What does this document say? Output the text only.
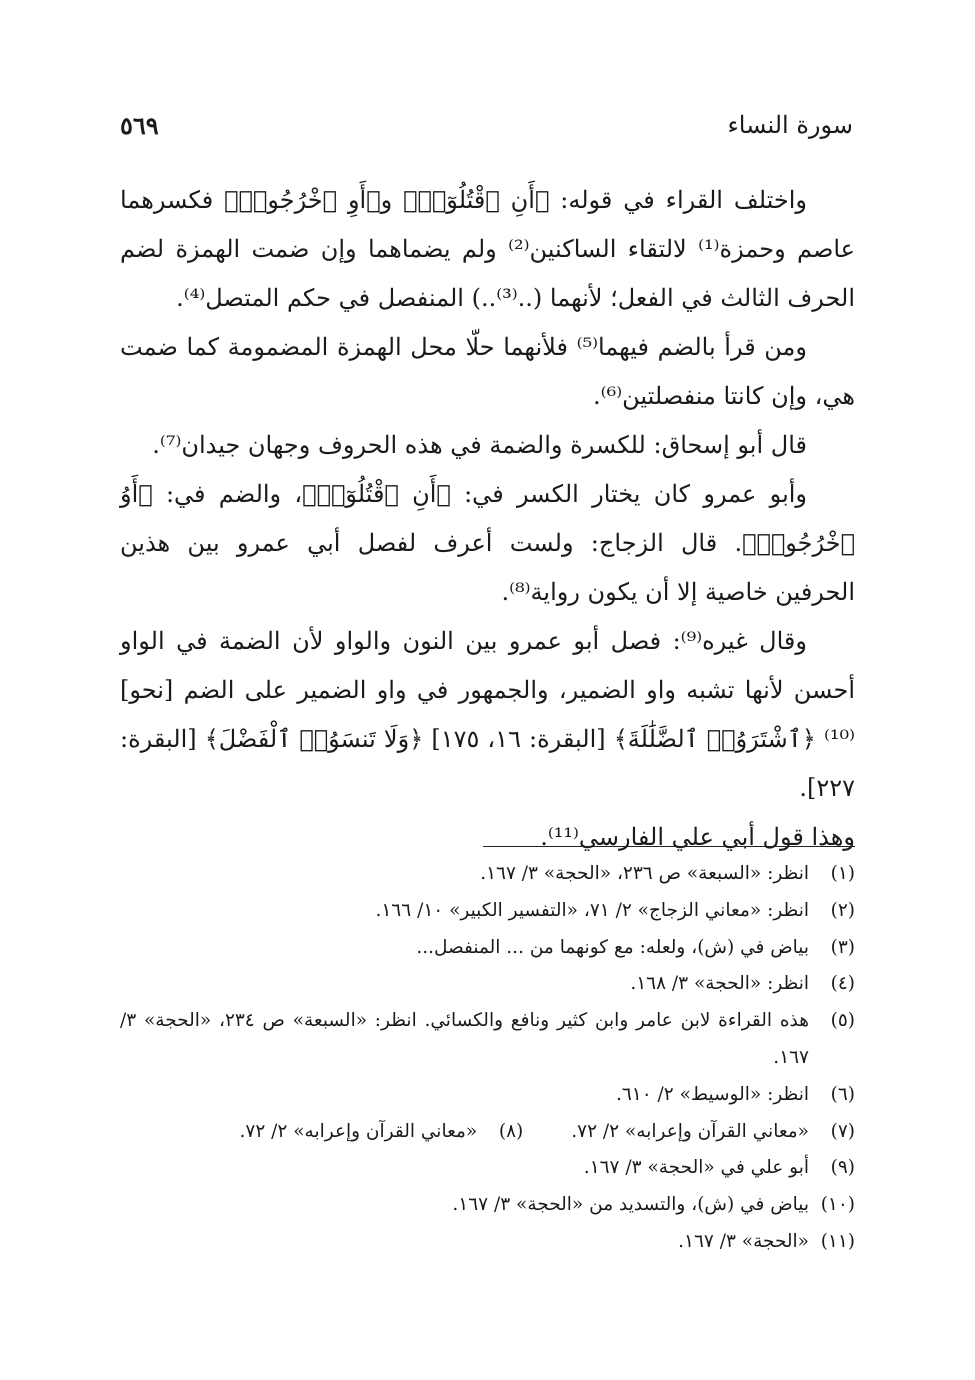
سورة النساء
٥٦٩

واختلف القراء في قوله: ﴿أَنِ ٱقْتُلُوٓا۟﴾ و﴿أَوِ ٱخْرُجُوا۟﴾ فكسرهما عاصم وحمزة⁽¹⁾ لالتقاء الساكنين⁽²⁾ ولم يضماهما وإن ضمت الهمزة لضم الحرف الثالث في الفعل؛ لأنهما (..⁽³⁾..) المنفصل في حكم المتصل⁽⁴⁾.

ومن قرأ بالضم فيهما⁽⁵⁾ فلأنهما حلّا محل الهمزة المضمومة كما ضمت هي، وإن كانتا منفصلتين⁽⁶⁾.

قال أبو إسحاق: للكسرة والضمة في هذه الحروف وجهان جيدان⁽⁷⁾.

وأبو عمرو كان يختار الكسر في: ﴿أَنِ ٱقْتُلُوٓا۟﴾، والضم في: ﴿أَوُ ٱخْرُجُوا۟﴾. قال الزجاج: ولست أعرف لفصل أبي عمرو بين هذين الحرفين خاصية إلا أن يكون رواية⁽⁸⁾.

وقال غيره⁽⁹⁾: فصل أبو عمرو بين النون والواو لأن الضمة في الواو أحسن لأنها تشبه واو الضمير، والجمهور في واو الضمير على الضم [نحو]⁽¹⁰⁾ ﴿ٱشْتَرَوُا۟ ٱلضَّلَٰلَةَ﴾ [البقرة: ١٦، ١٧٥] ﴿وَلَا تَنسَوُا۟ ٱلْفَضْلَ﴾ [البقرة: ٢٢٧].

وهذا قول أبي علي الفارسي⁽¹¹⁾.

(١)
انظر: «السبعة» ص ٢٣٦، «الحجة» ٣/ ١٦٧.
(٢)
انظر: «معاني الزجاج» ٢/ ٧١، «التفسير الكبير» ١٠/ ١٦٦.
(٣)
بياض في (ش)، ولعله: مع كونهما من ... المنفصل...
(٤)
انظر: «الحجة» ٣/ ١٦٨.
(٥)
هذه القراءة لابن عامر وابن كثير ونافع والكسائي. انظر: «السبعة» ص ٢٣٤، «الحجة» ٣/ ١٦٧.
(٦)
انظر: «الوسيط» ٢/ ٦١٠.
(٧)
«معاني القرآن وإعرابه» ٢/ ٧٢.
(٨)
«معاني القرآن وإعرابه» ٢/ ٧٢.
(٩)
أبو علي في «الحجة» ٣/ ١٦٧.
(١٠)
بياض في (ش)، والتسديد من «الحجة» ٣/ ١٦٧.
(١١)
«الحجة» ٣/ ١٦٧.
